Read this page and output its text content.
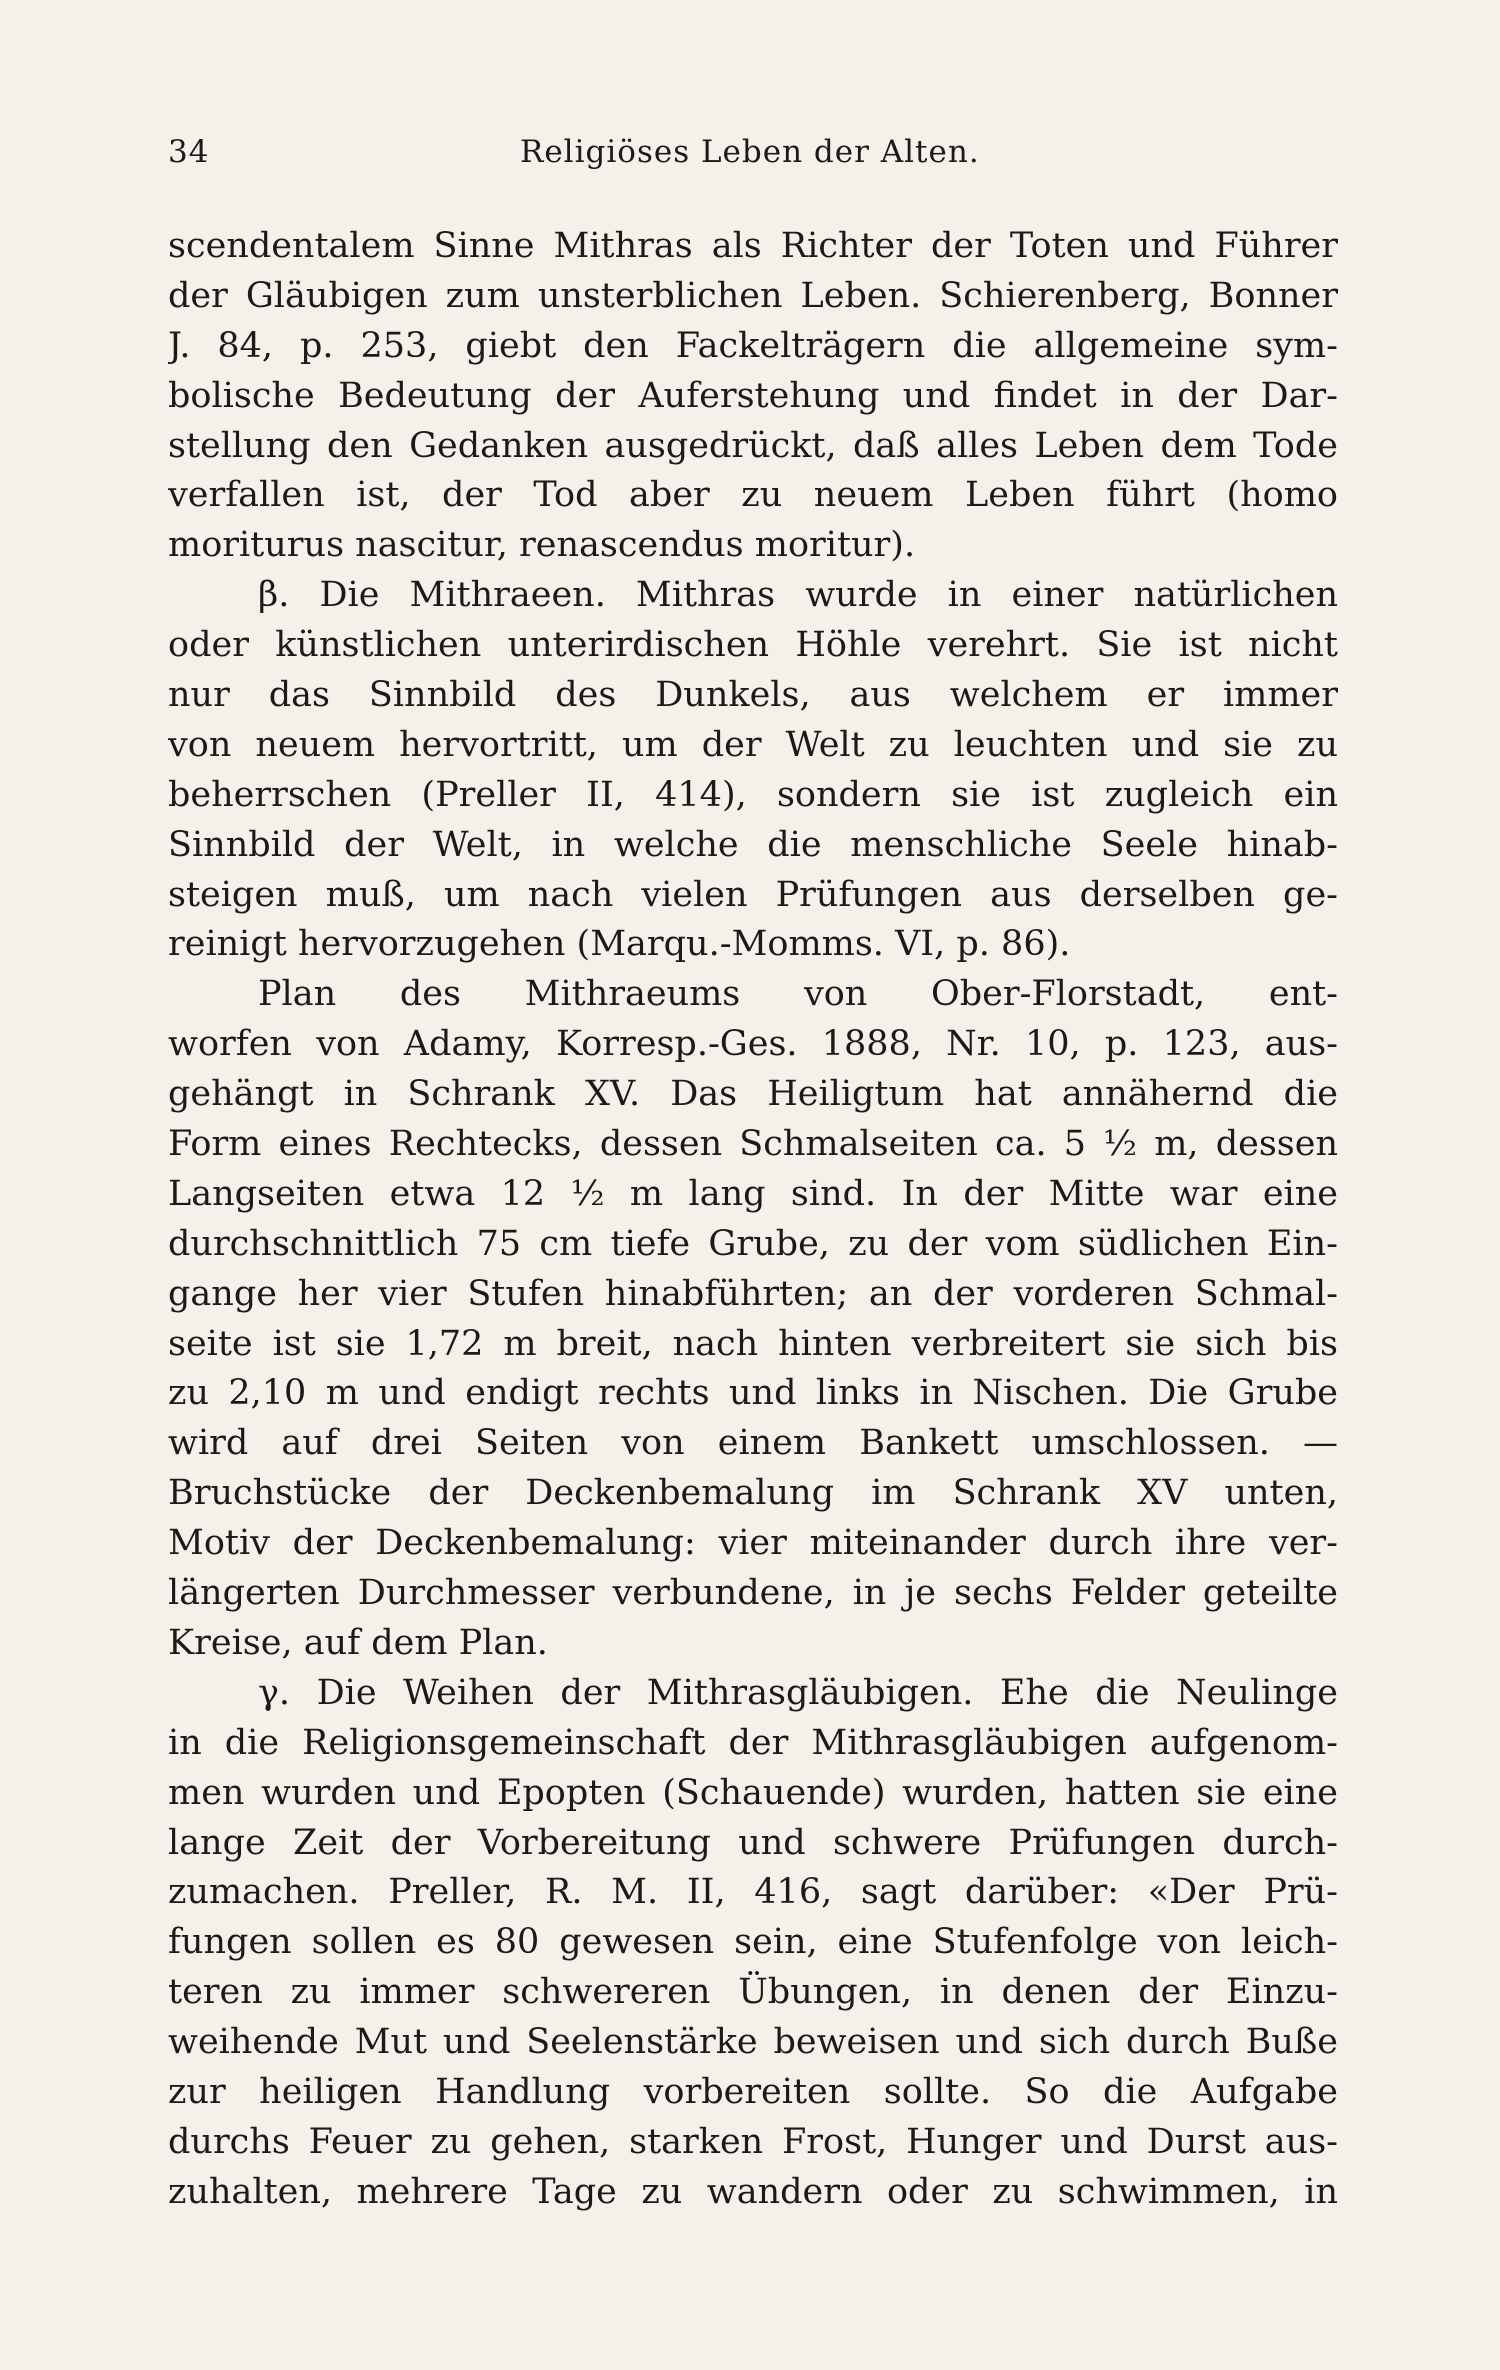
34	Religiöses Leben der Alten.
scendentalem Sinne Mithras als Richter der Toten und Führer
der Gläubigen zum unsterblichen Leben. Schierenberg, Bonner
J. 84, p. 253, giebt den Fackelträgern die allgemeine sym-
bolische Bedeutung der Auferstehung und findet in der Dar-
stellung den Gedanken ausgedrückt, daß alles Leben dem Tode
verfallen ist, der Tod aber zu neuem Leben führt (homo
moriturus nascitur, renascendus moritur).
β. Die Mithraeen. Mithras wurde in einer natürlichen
oder künstlichen unterirdischen Höhle verehrt. Sie ist nicht
nur das Sinnbild des Dunkels, aus welchem er immer
von neuem hervortritt, um der Welt zu leuchten und sie zu
beherrschen (Preller II, 414), sondern sie ist zugleich ein
Sinnbild der Welt, in welche die menschliche Seele hinab-
steigen muß, um nach vielen Prüfungen aus derselben ge-
reinigt hervorzugehen (Marqu.-Momms. VI, p. 86).
Plan des Mithraeums von Ober-Florstadt, ent-
worfen von Adamy, Korresp.-Ges. 1888, Nr. 10, p. 123, aus-
gehängt in Schrank XV. Das Heiligtum hat annähernd die
Form eines Rechtecks, dessen Schmalseiten ca. 5 ½ m, dessen
Langseiten etwa 12 ½ m lang sind. In der Mitte war eine
durchschnittlich 75 cm tiefe Grube, zu der vom südlichen Ein-
gange her vier Stufen hinabführten; an der vorderen Schmal-
seite ist sie 1,72 m breit, nach hinten verbreitert sie sich bis
zu 2,10 m und endigt rechts und links in Nischen. Die Grube
wird auf drei Seiten von einem Bankett umschlossen. —
Bruchstücke der Deckenbemalung im Schrank XV unten,
Motiv der Deckenbemalung: vier miteinander durch ihre ver-
längerten Durchmesser verbundene, in je sechs Felder geteilte
Kreise, auf dem Plan.
γ. Die Weihen der Mithrasgläubigen. Ehe die Neulinge
in die Religionsgemeinschaft der Mithrasgläubigen aufgenom-
men wurden und Epopten (Schauende) wurden, hatten sie eine
lange Zeit der Vorbereitung und schwere Prüfungen durch-
zumachen. Preller, R. M. II, 416, sagt darüber: «Der Prü-
fungen sollen es 80 gewesen sein, eine Stufenfolge von leich-
teren zu immer schwereren Übungen, in denen der Einzu-
weihende Mut und Seelenstärke beweisen und sich durch Buße
zur heiligen Handlung vorbereiten sollte. So die Aufgabe
durchs Feuer zu gehen, starken Frost, Hunger und Durst aus-
zuhalten, mehrere Tage zu wandern oder zu schwimmen, in
